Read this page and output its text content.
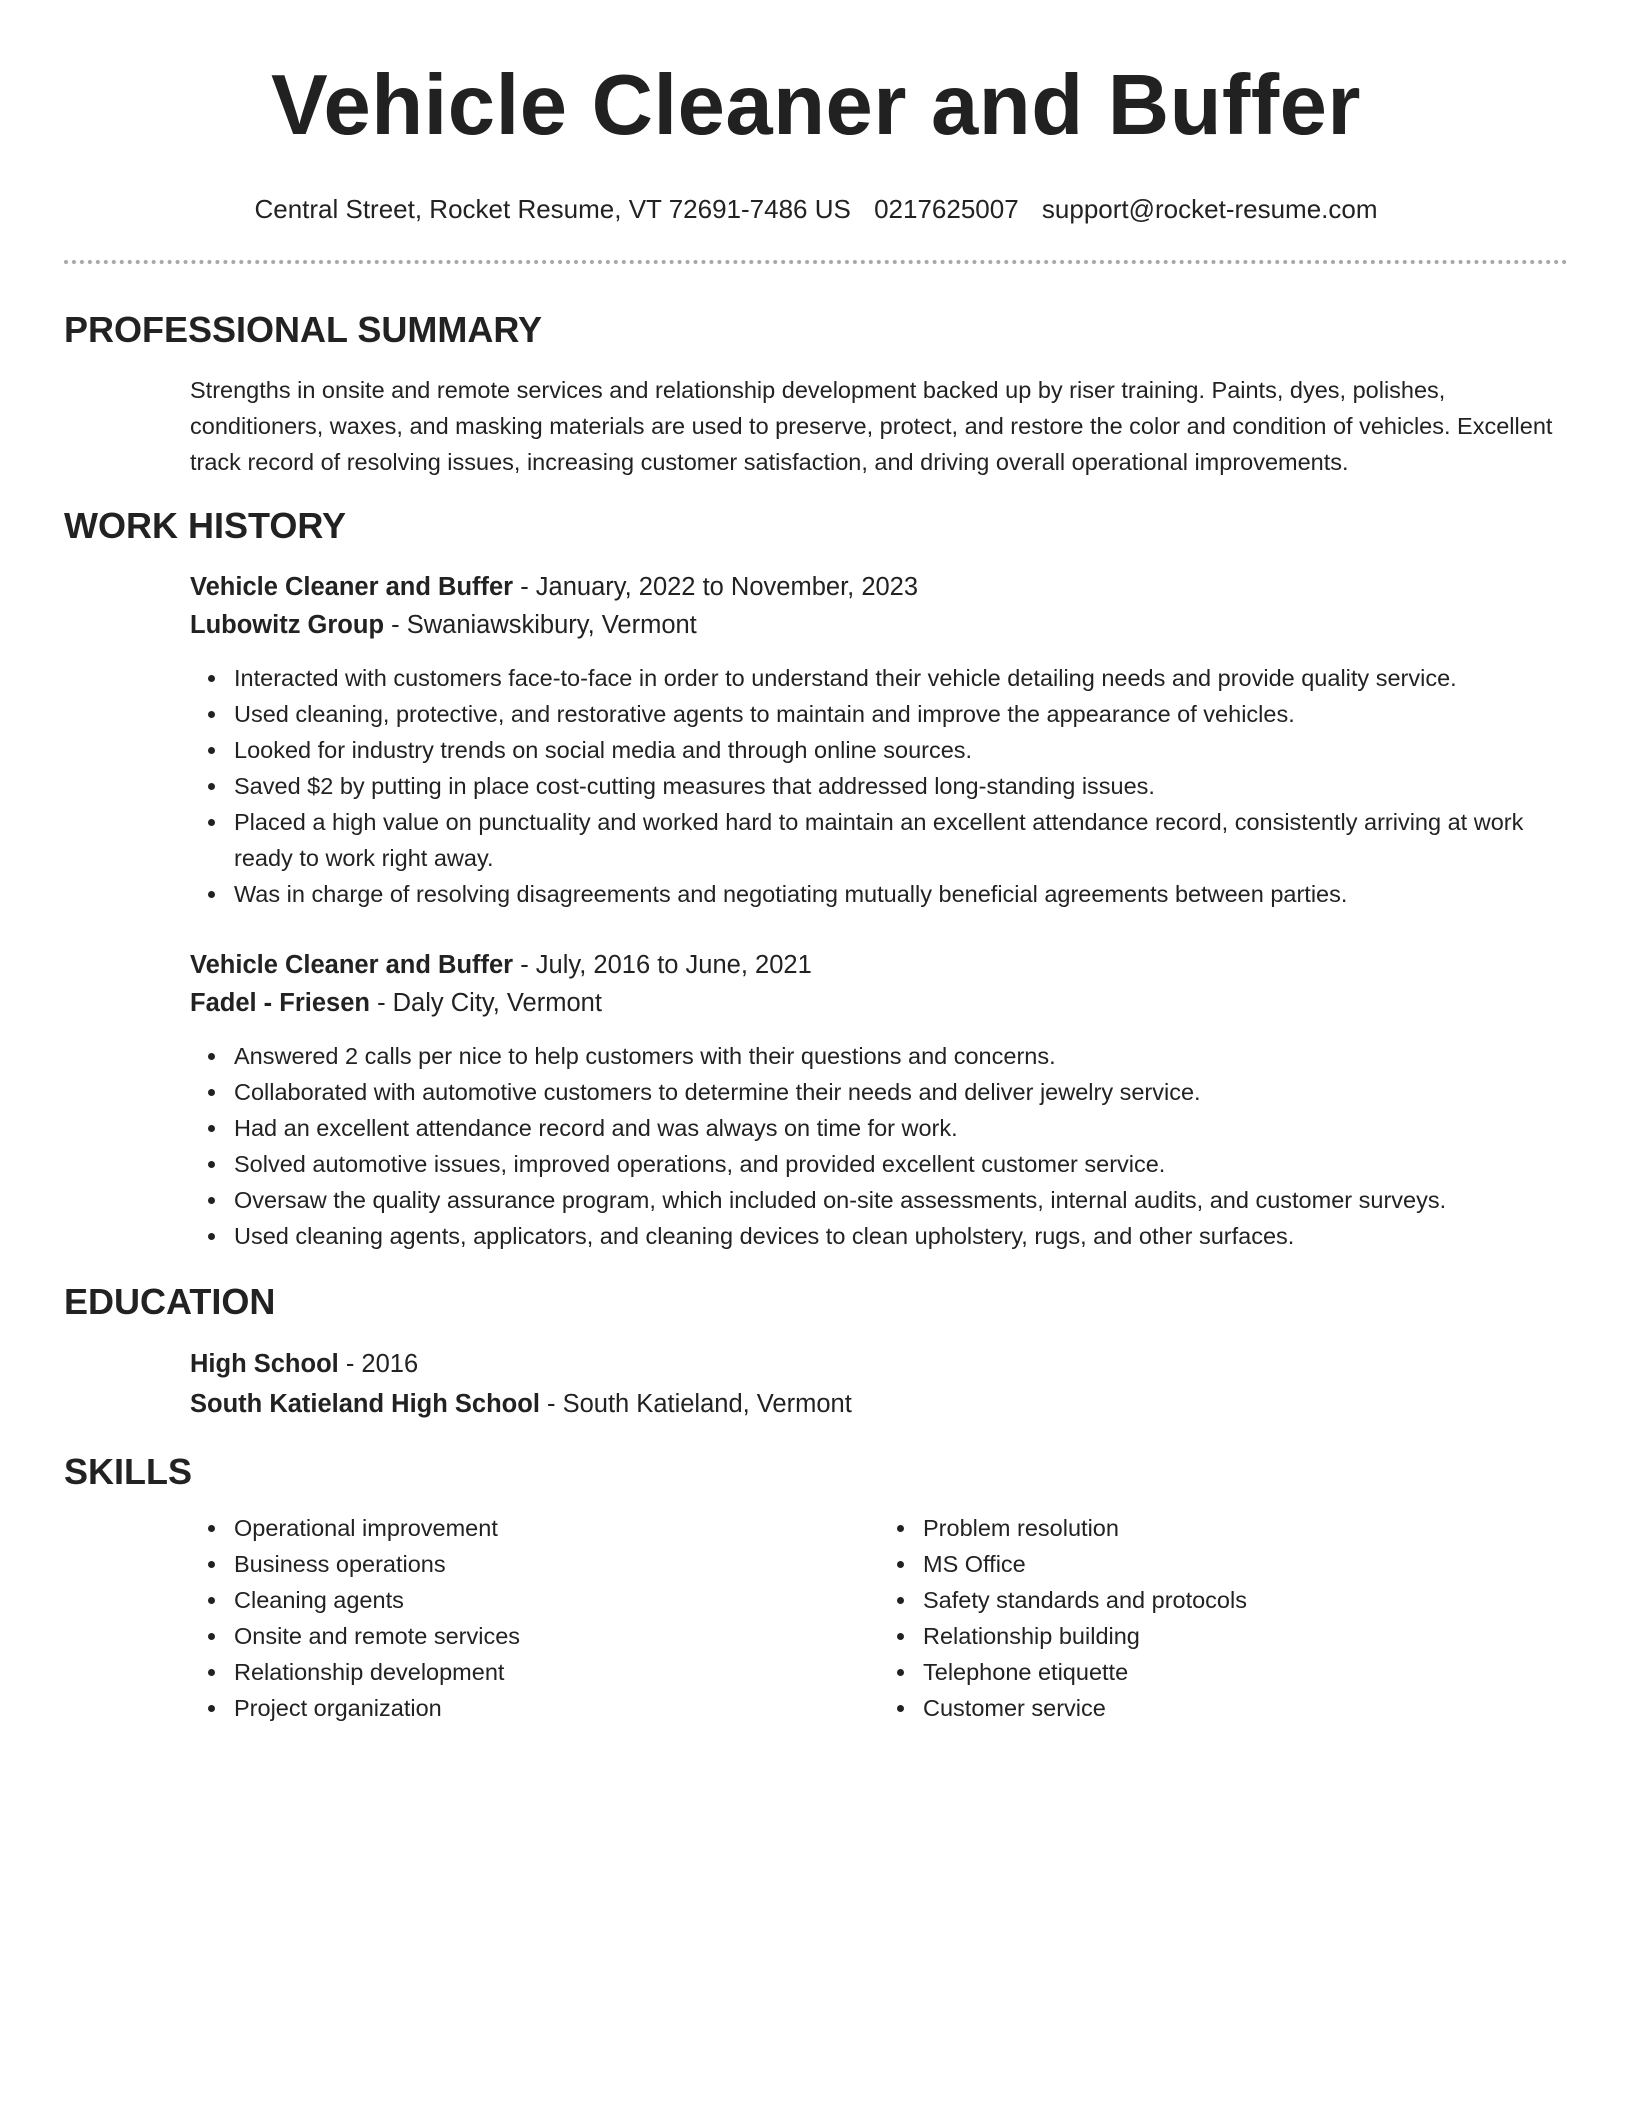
Vehicle Cleaner and Buffer
Central Street, Rocket Resume, VT 72691-7486 US 0217625007 support@rocket-resume.com
PROFESSIONAL SUMMARY
Strengths in onsite and remote services and relationship development backed up by riser training. Paints, dyes, polishes, conditioners, waxes, and masking materials are used to preserve, protect, and restore the color and condition of vehicles. Excellent track record of resolving issues, increasing customer satisfaction, and driving overall operational improvements.
WORK HISTORY
Vehicle Cleaner and Buffer - January, 2022 to November, 2023
Lubowitz Group - Swaniawskibury, Vermont
Interacted with customers face-to-face in order to understand their vehicle detailing needs and provide quality service.
Used cleaning, protective, and restorative agents to maintain and improve the appearance of vehicles.
Looked for industry trends on social media and through online sources.
Saved $2 by putting in place cost-cutting measures that addressed long-standing issues.
Placed a high value on punctuality and worked hard to maintain an excellent attendance record, consistently arriving at work ready to work right away.
Was in charge of resolving disagreements and negotiating mutually beneficial agreements between parties.
Vehicle Cleaner and Buffer - July, 2016 to June, 2021
Fadel - Friesen - Daly City, Vermont
Answered 2 calls per nice to help customers with their questions and concerns.
Collaborated with automotive customers to determine their needs and deliver jewelry service.
Had an excellent attendance record and was always on time for work.
Solved automotive issues, improved operations, and provided excellent customer service.
Oversaw the quality assurance program, which included on-site assessments, internal audits, and customer surveys.
Used cleaning agents, applicators, and cleaning devices to clean upholstery, rugs, and other surfaces.
EDUCATION
High School - 2016
South Katieland High School - South Katieland, Vermont
SKILLS
Operational improvement
Business operations
Cleaning agents
Onsite and remote services
Relationship development
Project organization
Problem resolution
MS Office
Safety standards and protocols
Relationship building
Telephone etiquette
Customer service
